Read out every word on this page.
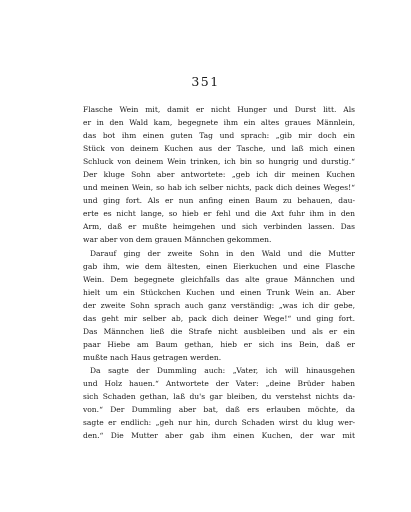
351
Flasche Wein mit, damit er nicht Hunger und Durst litt. Als
er in den Wald kam, begegnete ihm ein altes graues Männlein,
das bot ihm einen guten Tag und sprach: „gib mir doch ein
Stück von deinem Kuchen aus der Tasche, und laß mich einen
Schluck von deinem Wein trinken, ich bin so hungrig und durstig.“
Der kluge Sohn aber antwortete: „geb ich dir meinen Kuchen
und meinen Wein, so hab ich selber nichts, pack dich deines Weges!“
und ging fort. Als er nun anfing einen Baum zu behauen, dau-
erte es nicht lange, so hieb er fehl und die Axt fuhr ihm in den
Arm, daß er mußte heimgehen und sich verbinden lassen. Das
war aber von dem grauen Männchen gekommen.
Darauf ging der zweite Sohn in den Wald und die Mutter
gab ihm, wie dem ältesten, einen Eierkuchen und eine Flasche
Wein. Dem begegnete gleichfalls das alte graue Männchen und
hielt um ein Stückchen Kuchen und einen Trunk Wein an. Aber
der zweite Sohn sprach auch ganz verständig: „was ich dir gebe,
das geht mir selber ab, pack dich deiner Wege!“ und ging fort.
Das Männchen ließ die Strafe nicht ausbleiben und als er ein
paar Hiebe am Baum gethan, hieb er sich ins Bein, daß er
mußte nach Haus getragen werden.
Da sagte der Dummling auch: „Vater, ich will hinausgehen
und Holz hauen.“ Antwortete der Vater: „deine Brüder haben
sich Schaden gethan, laß du's gar bleiben, du verstehst nichts da-
von.“ Der Dummling aber bat, daß ers erlauben möchte, da
sagte er endlich: „geh nur hin, durch Schaden wirst du klug wer-
den.“ Die Mutter aber gab ihm einen Kuchen, der war mit
